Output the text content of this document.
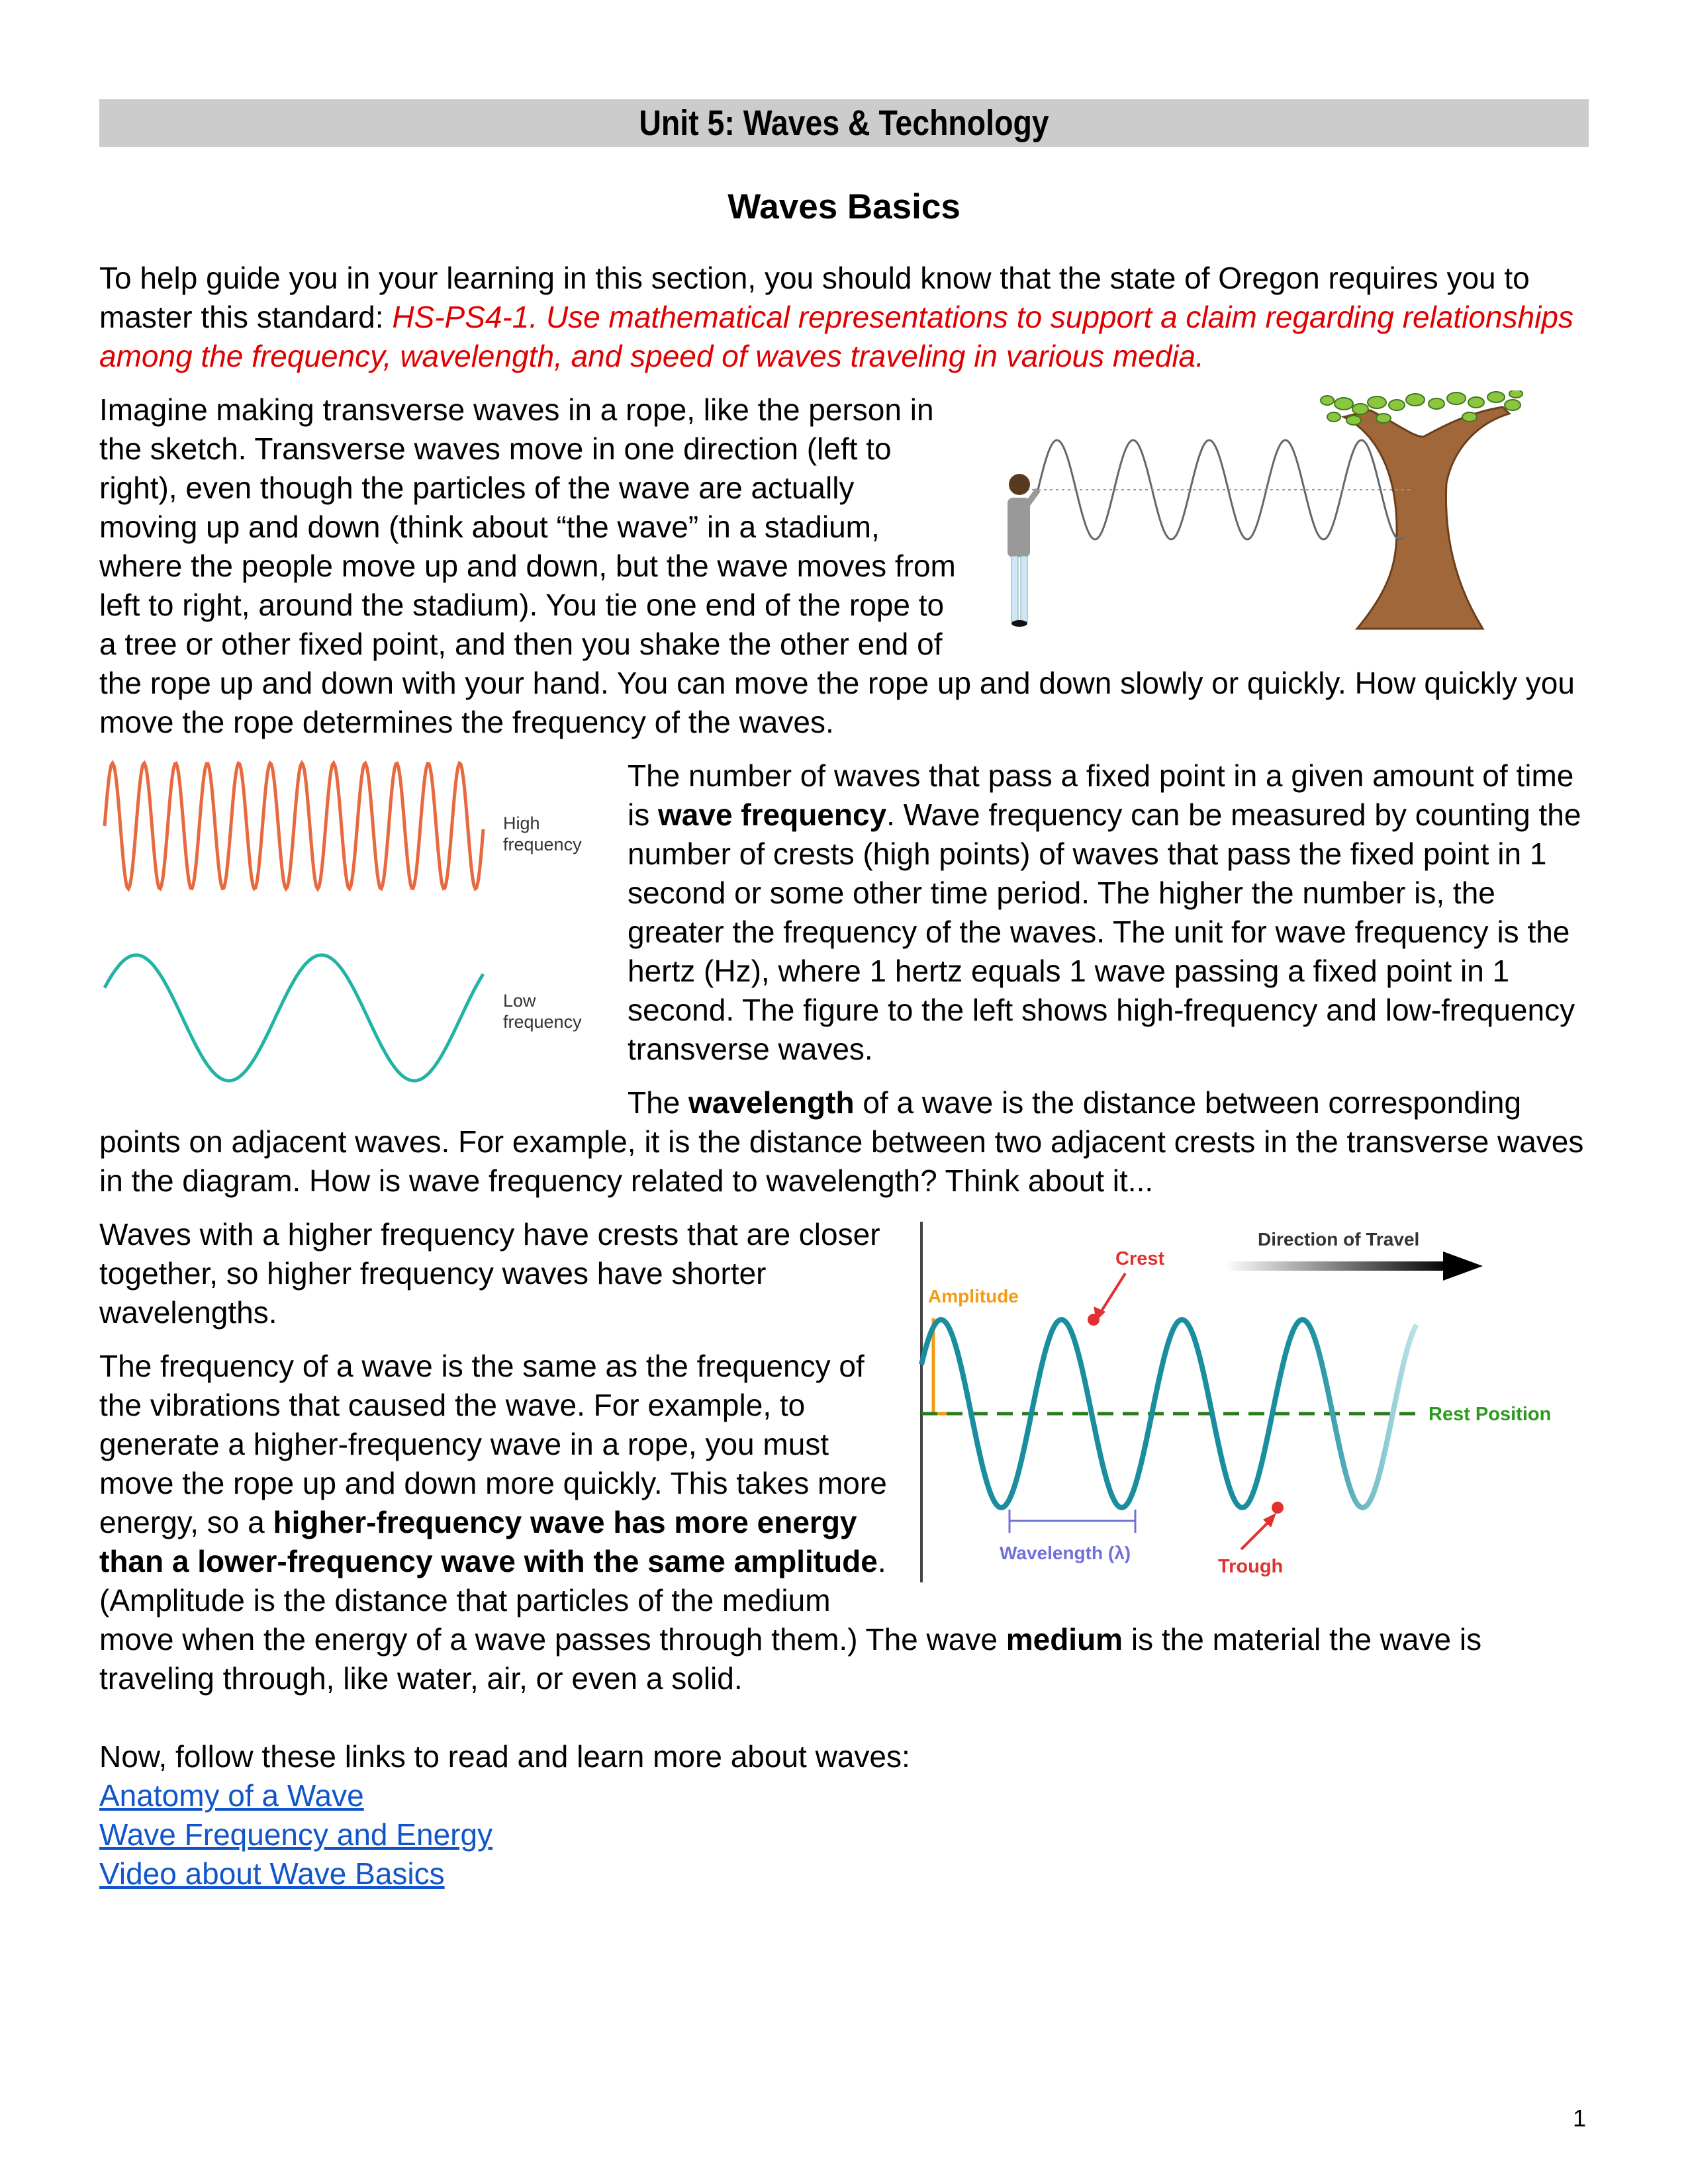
Unit 5: Waves & Technology
Waves Basics

To help guide you in your learning in this section, you should know that the state of Oregon requires you to master this standard: HS-PS4-1. Use mathematical representations to support a claim regarding relationships among the frequency, wavelength, and speed of waves traveling in various media.

Imagine making transverse waves in a rope, like the person in the sketch. Transverse waves move in one direction (left to right), even though the particles of the wave are actually moving up and down (think about “the wave” in a stadium, where the people move up and down, but the wave moves from left to right, around the stadium). You tie one end of the rope to a tree or other fixed point, and then you shake the other end of the rope up and down with your hand. You can move the rope up and down slowly or quickly. How quickly you move the rope determines the frequency of the waves.

High
frequency
Low
frequency

The number of waves that pass a fixed point in a given amount of time is wave frequency. Wave frequency can be measured by counting the number of crests (high points) of waves that pass the fixed point in 1 second or some other time period. The higher the number is, the greater the frequency of the waves. The unit for wave frequency is the hertz (Hz), where 1 hertz equals 1 wave passing a fixed point in 1 second. The figure to the left shows high-frequency and low-frequency transverse waves.

The wavelength of a wave is the distance between corresponding points on adjacent waves. For example, it is the distance between two adjacent crests in the transverse waves in the diagram. How is wave frequency related to wavelength? Think about it...

Direction of Travel
Crest
Amplitude
Rest Position
Wavelength (λ)
Trough

Waves with a higher frequency have crests that are closer together, so higher frequency waves have shorter wavelengths.

The frequency of a wave is the same as the frequency of the vibrations that caused the wave. For example, to generate a higher-frequency wave in a rope, you must move the rope up and down more quickly. This takes more energy, so a higher-frequency wave has more energy than a lower-frequency wave with the same amplitude. (Amplitude is the distance that particles of the medium move when the energy of a wave passes through them.) The wave medium is the material the wave is traveling through, like water, air, or even a solid.

Now, follow these links to read and learn more about waves:

Anatomy of a Wave
Wave Frequency and Energy
Video about Wave Basics
1
